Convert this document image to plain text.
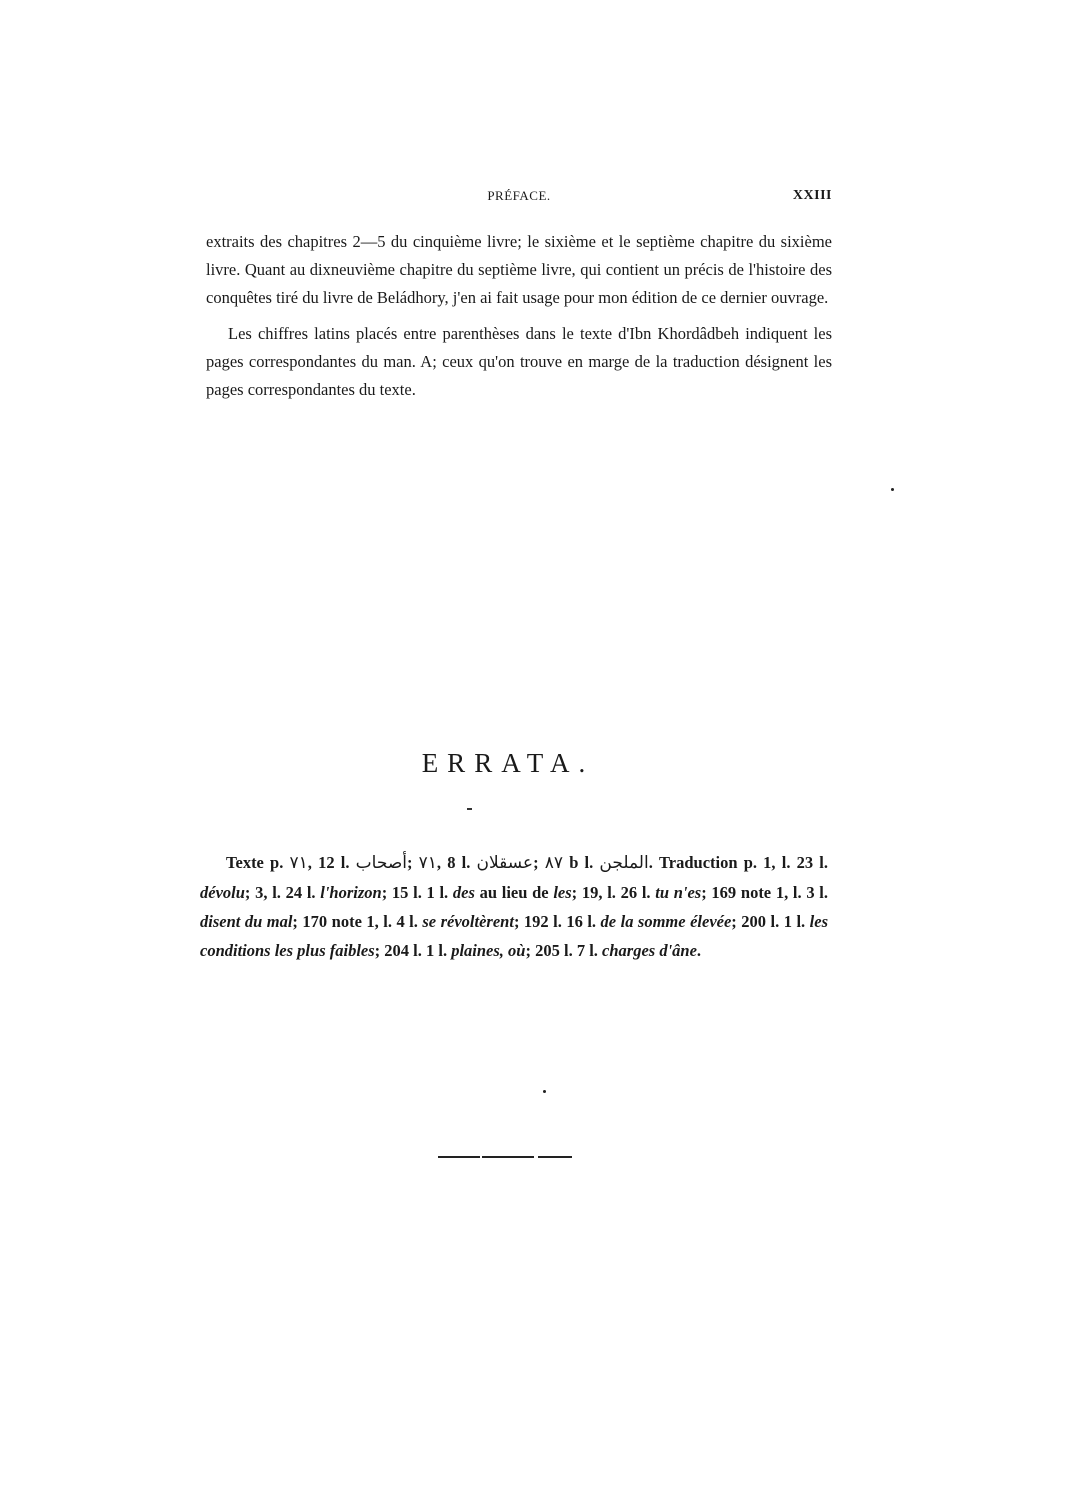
PRÉFACE.	XXIII

extraits des chapitres 2—5 du cinquième livre; le sixième et le septième chapitre du sixième livre. Quant au dixneuvième chapitre du septième livre, qui contient un précis de l'histoire des conquêtes tiré du livre de Beládhory, j'en ai fait usage pour mon édition de ce dernier ouvrage.

Les chiffres latins placés entre parenthèses dans le texte d'Ibn Khordâdbeh indiquent les pages correspondantes du man. A; ceux qu'on trouve en marge de la traduction désignent les pages correspondantes du texte.

ERRATA.
Texte p. ٧١, 12 l. أصحاب; ٧١, 8 l. عسقلان; ٨٧ b l. الملجن. Traduction p. 1, l. 23 l. dévolu; 3, l. 24 l. l'horizon; 15 l. 1 l. des au lieu de les; 19, l. 26 l. tu n'es; 169 note 1, l. 3 l. disent du mal; 170 note 1, l. 4 l. se révoltèrent; 192 l. 16 l. de la somme élevée; 200 l. 1 l. les conditions les plus faibles; 204 l. 1 l. plaines, où; 205 l. 7 l. charges d'âne.
